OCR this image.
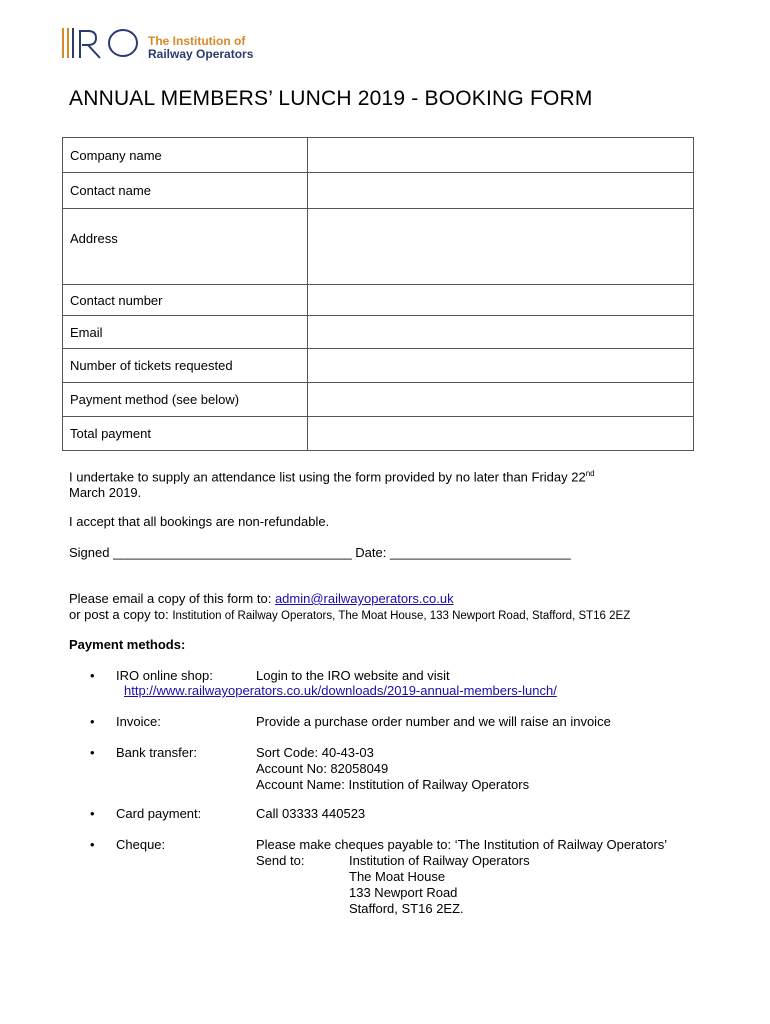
The Institution of
Railway Operators
ANNUAL MEMBERS’ LUNCH 2019 - BOOKING FORM
Company name	
Contact name	
Address	
Contact number	
Email	
Number of tickets requested	
Payment method (see below)	
Total payment	
I undertake to supply an attendance list using the form provided by no later than Friday 22nd
March 2019.
I accept that all bookings are non-refundable.
Signed _________________________________ Date: _________________________
Please email a copy of this form to: admin@railwayoperators.co.uk
or post a copy to: Institution of Railway Operators, The Moat House, 133 Newport Road, Stafford, ST16 2EZ
Payment methods:
• IRO online shop:	Login to the IRO website and visit
http://www.railwayoperators.co.uk/downloads/2019-annual-members-lunch/
• Invoice:	Provide a purchase order number and we will raise an invoice
• Bank transfer:	Sort Code: 40-43-03
Account No: 82058049
Account Name: Institution of Railway Operators
• Card payment:	Call 03333 440523
• Cheque:	Please make cheques payable to: ‘The Institution of Railway Operators’
Send to:	Institution of Railway Operators
The Moat House
133 Newport Road
Stafford, ST16 2EZ.
